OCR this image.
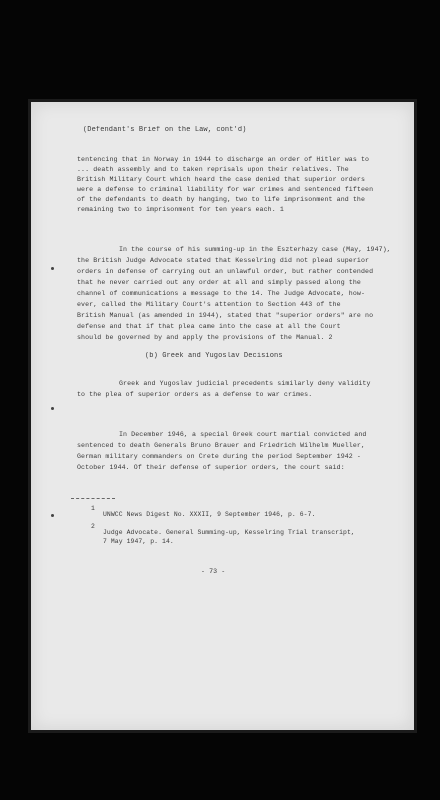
(Defendant's Brief on the Law, cont'd)
tentencing that in Norway in 1944 to discharge an order of Hitler was to
... death assembly and to taken reprisals upon their relatives. The
British Military Court which heard the case denied that superior orders
were a defense to criminal liability for war crimes and sentenced fifteen
of the defendants to death by hanging, two to life imprisonment and the
remaining two to imprisonment for ten years each. 1
In the course of his summing-up in the Eszterhazy case (May, 1947),
the British Judge Advocate stated that Kesselring did not plead superior
orders in defense of carrying out an unlawful order, but rather contended
that he never carried out any order at all and simply passed along the
channel of communications a message to the 14. The Judge Advocate, how-
ever, called the Military Court's attention to Section 443 of the
British Manual (as amended in 1944), stated that "superior orders" are no
defense and that if that plea came into the case at all the Court
should be governed by and apply the provisions of the Manual. 2
(b) Greek and Yugoslav Decisions
Greek and Yugoslav judicial precedents similarly deny validity
to the plea of superior orders as a defense to war crimes.
In December 1946, a special Greek court martial convicted and
sentenced to death Generals Bruno Brauer and Friedrich Wilhelm Mueller,
German military commanders on Crete during the period September 1942 -
October 1944. Of their defense of superior orders, the court said:
1
UNWCC News Digest No. XXXII, 9 September 1946, p. 6-7.
2
Judge Advocate. General Summing-up, Kesselring Trial transcript,
7 May 1947, p. 14.
- 73 -
